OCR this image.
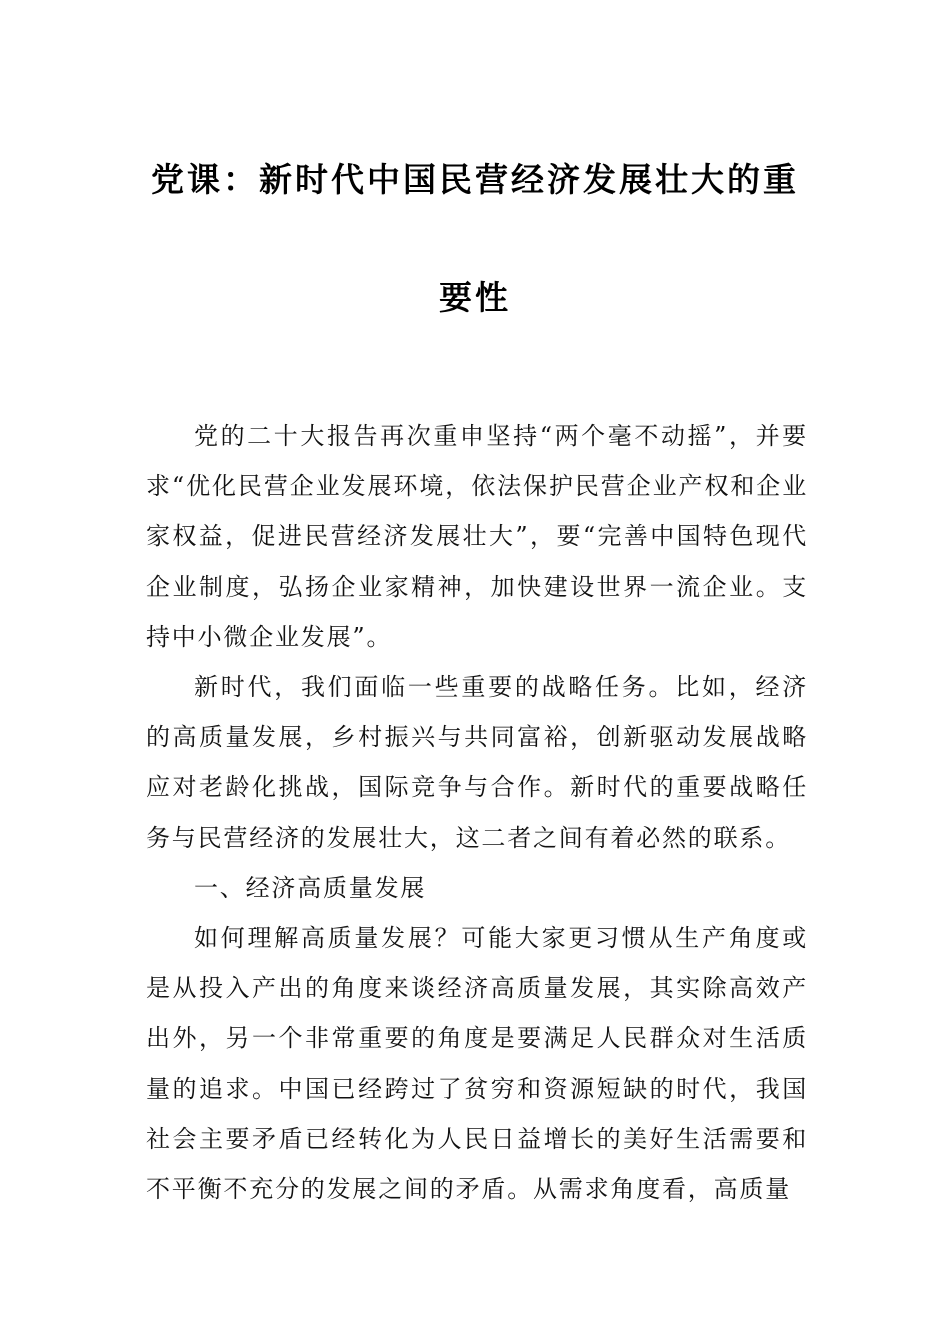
党课：新时代中国民营经济发展壮大的重
要性

党的二十大报告再次重申坚持“两个毫不动摇”，并要求“优化民营企业发展环境，依法保护民营企业产权和企业家权益，促进民营经济发展壮大”，要“完善中国特色现代企业制度，弘扬企业家精神，加快建设世界一流企业。支持中小微企业发展”。

新时代，我们面临一些重要的战略任务。比如，经济的高质量发展，乡村振兴与共同富裕，创新驱动发展战略应对老龄化挑战，国际竞争与合作。新时代的重要战略任务与民营经济的发展壮大，这二者之间有着必然的联系。

一、经济高质量发展

如何理解高质量发展？可能大家更习惯从生产角度或是从投入产出的角度来谈经济高质量发展，其实除高效产出外，另一个非常重要的角度是要满足人民群众对生活质量的追求。中国已经跨过了贫穷和资源短缺的时代，我国社会主要矛盾已经转化为人民日益增长的美好生活需要和不平衡不充分的发展之间的矛盾。从需求角度看，高质量
